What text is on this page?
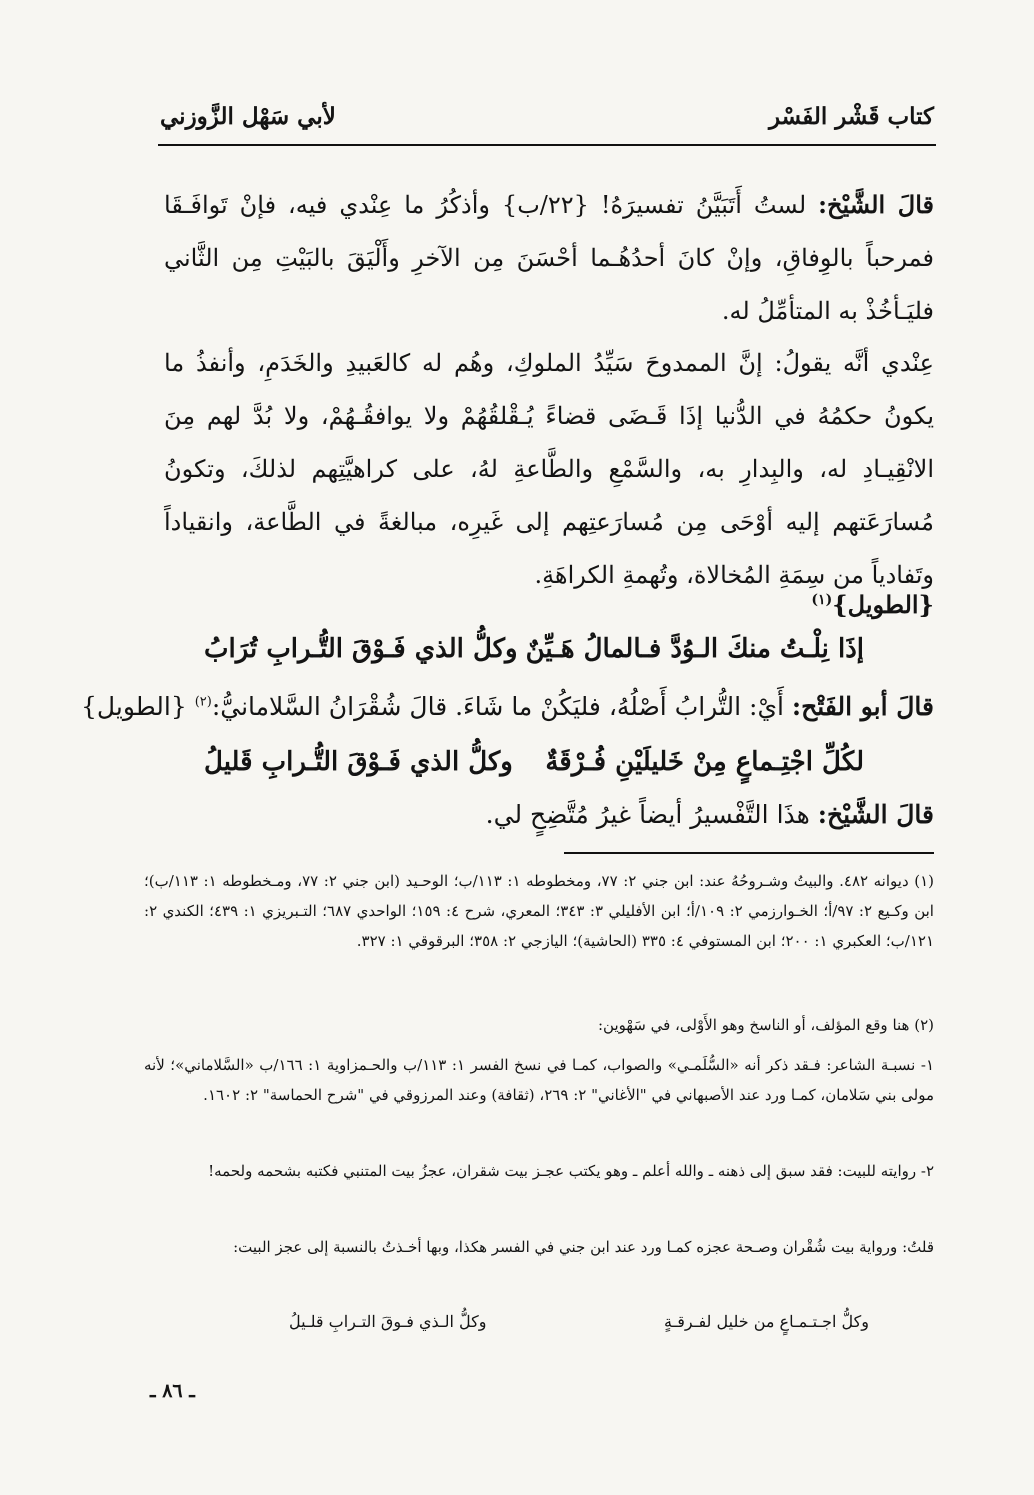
كتاب قَشْر الفَسْر
لأبي سَهْل الزَّوزني

قالَ الشَّيْخ: لستُ أَتَبَيَّنُ تفسيرَهُ! {٢٢/ب} وأذكُرُ ما عِنْدي فيه، فإنْ تَوافَـقَا فمرحباً بالوِفاقِ، وإنْ كانَ أحدُهُـما أحْسَنَ مِن الآخرِ وأَلْيَقَ بالبَيْتِ مِن الثَّاني فليَـأخُذْ به المتأمِّلُ له.

عِنْدي أنَّه يقولُ: إنَّ الممدوحَ سَيِّدُ الملوكِ، وهُم له كالعَبيدِ والخَدَمِ، وأنفذُ ما يكونُ حكمُهُ في الدُّنيا إذَا قَـضَى قضاءً يُـقْلقُهُمْ ولا يوافقُـهُمْ، ولا بُدَّ لهم مِنَ الانْقِيـادِ له، والبِدارِ به، والسَّمْعِ والطَّاعةِ لهُ، على كراهيَّتِهم لذلكَ، وتكونُ مُسارَعَتهم إليه أوْحَى مِن مُسارَعتِهم إلى غَيرِه، مبالغةً في الطَّاعة، وانقياداً وتَفادياً من سِمَةِ المُخالاة، وتُهمةِ الكراهَةِ.

{الطويل}$^{(١)}$
إذَا نِلْـتُ منكَ الـوُدَّ فـالمالُ هَـيِّنٌ
وكلُّ الذي فَـوْقَ التُّـرابِ تُرَابُ
قالَ أبو الفَتْح: أَيْ: التُّرابُ أَصْلُهُ، فليَكُنْ ما شَاءَ. قالَ شُقْرَانُ السَّلامانيُّ:$^{(٢)}$ {الطويل}
لكُلِّ اجْتِـماعٍ مِنْ خَليلَيْنِ فُـرْقَةٌ
وكلُّ الذي فَـوْقَ التُّـرابِ قَليلُ
قالَ الشَّيْخ: هذَا التَّفْسيرُ أيضاً غيرُ مُتَّضِحٍ لي.

(١) ديوانه ٤٨٢. والبيتُ وشـروحُهُ عند: ابن جني ٢: ٧٧، ومخطوطه ١: ١١٣/ب؛ الوحـيد (ابن جني ٢: ٧٧، ومـخطوطه ١: ١١٣/ب)؛ ابن وكـيع ٢: ٩٧/أ؛ الخـوارزمي ٢: ١٠٩/أ؛ ابن الأفليلي ٣: ٣٤٣؛ المعري، شرح ٤: ١٥٩؛ الواحدي ٦٨٧؛ التـبريزي ١: ٤٣٩؛ الكندي ٢: ١٢١/ب؛ العكبري ١: ٢٠٠؛ ابن المستوفي ٤: ٣٣٥ (الحاشية)؛ اليازجي ٢: ٣٥٨؛ البرقوقي ١: ٣٢٧.

(٢) هنا وقع المؤلف، أو الناسخ وهو الأَوْلى، في سَهْوين:

١- نسبـة الشاعر: فـقد ذكر أنه «السُّلَمـي» والصواب، كمـا في نسخ الفسر ١: ١١٣/ب والحـمزاوية ١: ١٦٦/ب «السَّلاماني»؛ لأنه مولى بني سَلامان، كمـا ورد عند الأصبهاني في "الأغاني" ٢: ٢٦٩، (ثقافة) وعند المرزوقي في "شرح الحماسة" ٢: ١٦٠٢.

٢- روايته للبيت: فقد سبق إلى ذهنه ـ والله أعلم ـ وهو يكتب عجـز بيت شقران، عجزُ بيت المتنبي فكتبه بشحمه ولحمه!

قلتُ: ورواية بيت شُقْران وصـحة عجزه كمـا ورد عند ابن جني في الفسر هكذا، وبها أخـذتُ بالنسبة إلى عجز البيت:

وكلُّ اجـتـمـاعٍ من خليل لفـرقـةٍ
وكلُّ الـذي فـوقَ التـرابِ قلـيلُ
ـ ٨٦ ـ
